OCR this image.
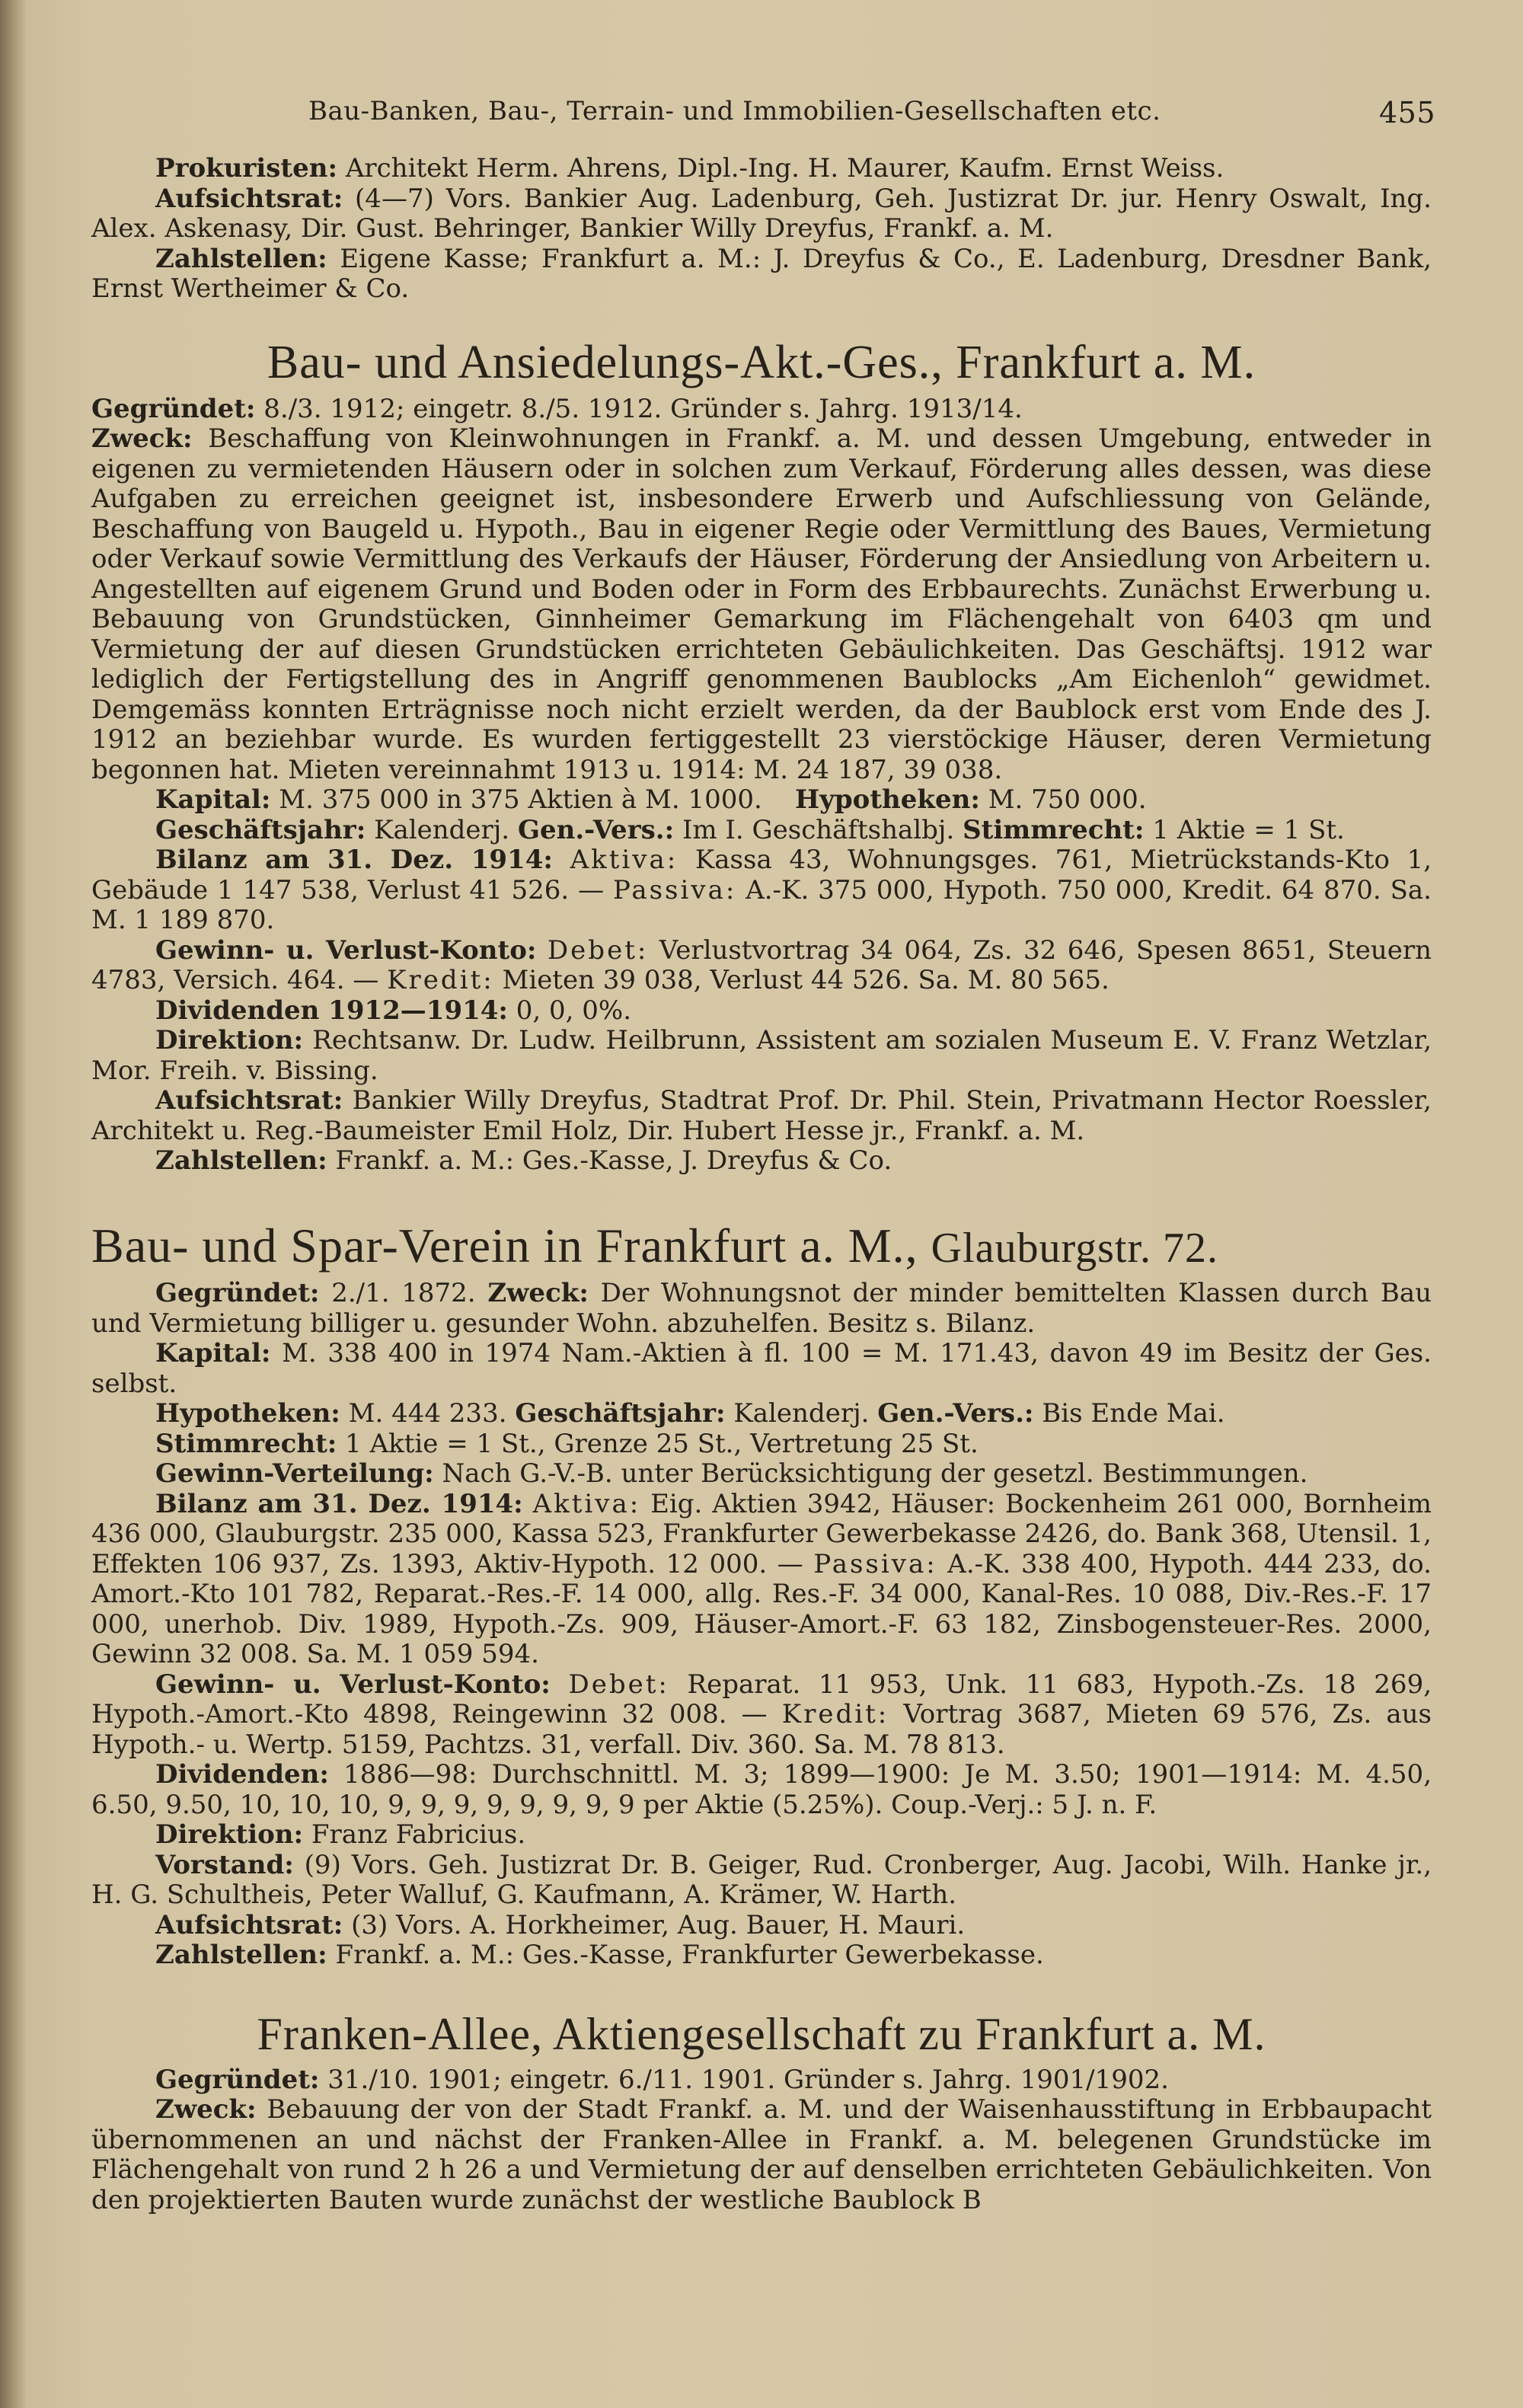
Bau-Banken, Bau-, Terrain- und Immobilien-Gesellschaften etc.	455

Prokuristen: Architekt Herm. Ahrens, Dipl.-Ing. H. Maurer, Kaufm. Ernst Weiss.

Aufsichtsrat: (4—7) Vors. Bankier Aug. Ladenburg, Geh. Justizrat Dr. jur. Henry Oswalt, Ing. Alex. Askenasy, Dir. Gust. Behringer, Bankier Willy Dreyfus, Frankf. a. M.

Zahlstellen: Eigene Kasse; Frankfurt a. M.: J. Dreyfus & Co., E. Ladenburg, Dresdner Bank, Ernst Wertheimer & Co.

Bau- und Ansiedelungs-Akt.-Ges., Frankfurt a. M.

Gegründet: 8./3. 1912; eingetr. 8./5. 1912. Gründer s. Jahrg. 1913/14.

Zweck: Beschaffung von Kleinwohnungen in Frankf. a. M. und dessen Umgebung, entweder in eigenen zu vermietenden Häusern oder in solchen zum Verkauf, Förderung alles dessen, was diese Aufgaben zu erreichen geeignet ist, insbesondere Erwerb und Aufschliessung von Gelände, Beschaffung von Baugeld u. Hypoth., Bau in eigener Regie oder Vermittlung des Baues, Vermietung oder Verkauf sowie Vermittlung des Verkaufs der Häuser, Förderung der Ansiedlung von Arbeitern u. Angestellten auf eigenem Grund und Boden oder in Form des Erbbaurechts. Zunächst Erwerbung u. Bebauung von Grundstücken, Ginnheimer Gemarkung im Flächengehalt von 6403 qm und Vermietung der auf diesen Grundstücken errichteten Gebäulichkeiten. Das Geschäftsj. 1912 war lediglich der Fertigstellung des in Angriff genommenen Baublocks „Am Eichenloh“ gewidmet. Demgemäss konnten Erträgnisse noch nicht erzielt werden, da der Baublock erst vom Ende des J. 1912 an beziehbar wurde. Es wurden fertiggestellt 23 vierstöckige Häuser, deren Vermietung begonnen hat. Mieten vereinnahmt 1913 u. 1914: M. 24 187, 39 038.

Kapital: M. 375 000 in 375 Aktien à M. 1000. Hypotheken: M. 750 000.

Geschäftsjahr: Kalenderj. Gen.-Vers.: Im I. Geschäftshalbj. Stimmrecht: 1 Aktie = 1 St.

Bilanz am 31. Dez. 1914: Aktiva: Kassa 43, Wohnungsges. 761, Mietrückstands-Kto 1, Gebäude 1 147 538, Verlust 41 526. — Passiva: A.-K. 375 000, Hypoth. 750 000, Kredit. 64 870. Sa. M. 1 189 870.

Gewinn- u. Verlust-Konto: Debet: Verlustvortrag 34 064, Zs. 32 646, Spesen 8651, Steuern 4783, Versich. 464. — Kredit: Mieten 39 038, Verlust 44 526. Sa. M. 80 565.

Dividenden 1912—1914: 0, 0, 0%.

Direktion: Rechtsanw. Dr. Ludw. Heilbrunn, Assistent am sozialen Museum E. V. Franz Wetzlar, Mor. Freih. v. Bissing.

Aufsichtsrat: Bankier Willy Dreyfus, Stadtrat Prof. Dr. Phil. Stein, Privatmann Hector Roessler, Architekt u. Reg.-Baumeister Emil Holz, Dir. Hubert Hesse jr., Frankf. a. M.

Zahlstellen: Frankf. a. M.: Ges.-Kasse, J. Dreyfus & Co.

Bau- und Spar-Verein in Frankfurt a. M., Glauburgstr. 72.

Gegründet: 2./1. 1872. Zweck: Der Wohnungsnot der minder bemittelten Klassen durch Bau und Vermietung billiger u. gesunder Wohn. abzuhelfen. Besitz s. Bilanz.

Kapital: M. 338 400 in 1974 Nam.-Aktien à fl. 100 = M. 171.43, davon 49 im Besitz der Ges. selbst.

Hypotheken: M. 444 233. Geschäftsjahr: Kalenderj. Gen.-Vers.: Bis Ende Mai.

Stimmrecht: 1 Aktie = 1 St., Grenze 25 St., Vertretung 25 St.

Gewinn-Verteilung: Nach G.-V.-B. unter Berücksichtigung der gesetzl. Bestimmungen.

Bilanz am 31. Dez. 1914: Aktiva: Eig. Aktien 3942, Häuser: Bockenheim 261 000, Bornheim 436 000, Glauburgstr. 235 000, Kassa 523, Frankfurter Gewerbekasse 2426, do. Bank 368, Utensil. 1, Effekten 106 937, Zs. 1393, Aktiv-Hypoth. 12 000. — Passiva: A.-K. 338 400, Hypoth. 444 233, do. Amort.-Kto 101 782, Reparat.-Res.-F. 14 000, allg. Res.-F. 34 000, Kanal-Res. 10 088, Div.-Res.-F. 17 000, unerhob. Div. 1989, Hypoth.-Zs. 909, Häuser-Amort.-F. 63 182, Zinsbogensteuer-Res. 2000, Gewinn 32 008. Sa. M. 1 059 594.

Gewinn- u. Verlust-Konto: Debet: Reparat. 11 953, Unk. 11 683, Hypoth.-Zs. 18 269, Hypoth.-Amort.-Kto 4898, Reingewinn 32 008. — Kredit: Vortrag 3687, Mieten 69 576, Zs. aus Hypoth.- u. Wertp. 5159, Pachtzs. 31, verfall. Div. 360. Sa. M. 78 813.

Dividenden: 1886—98: Durchschnittl. M. 3; 1899—1900: Je M. 3.50; 1901—1914: M. 4.50, 6.50, 9.50, 10, 10, 10, 9, 9, 9, 9, 9, 9, 9, 9 per Aktie (5.25%). Coup.-Verj.: 5 J. n. F.

Direktion: Franz Fabricius.

Vorstand: (9) Vors. Geh. Justizrat Dr. B. Geiger, Rud. Cronberger, Aug. Jacobi, Wilh. Hanke jr., H. G. Schultheis, Peter Walluf, G. Kaufmann, A. Krämer, W. Harth.

Aufsichtsrat: (3) Vors. A. Horkheimer, Aug. Bauer, H. Mauri.

Zahlstellen: Frankf. a. M.: Ges.-Kasse, Frankfurter Gewerbekasse.

Franken-Allee, Aktiengesellschaft zu Frankfurt a. M.

Gegründet: 31./10. 1901; eingetr. 6./11. 1901. Gründer s. Jahrg. 1901/1902.

Zweck: Bebauung der von der Stadt Frankf. a. M. und der Waisenhausstiftung in Erbbaupacht übernommenen an und nächst der Franken-Allee in Frankf. a. M. belegenen Grundstücke im Flächengehalt von rund 2 h 26 a und Vermietung der auf denselben errichteten Gebäulichkeiten. Von den projektierten Bauten wurde zunächst der westliche Baublock B
